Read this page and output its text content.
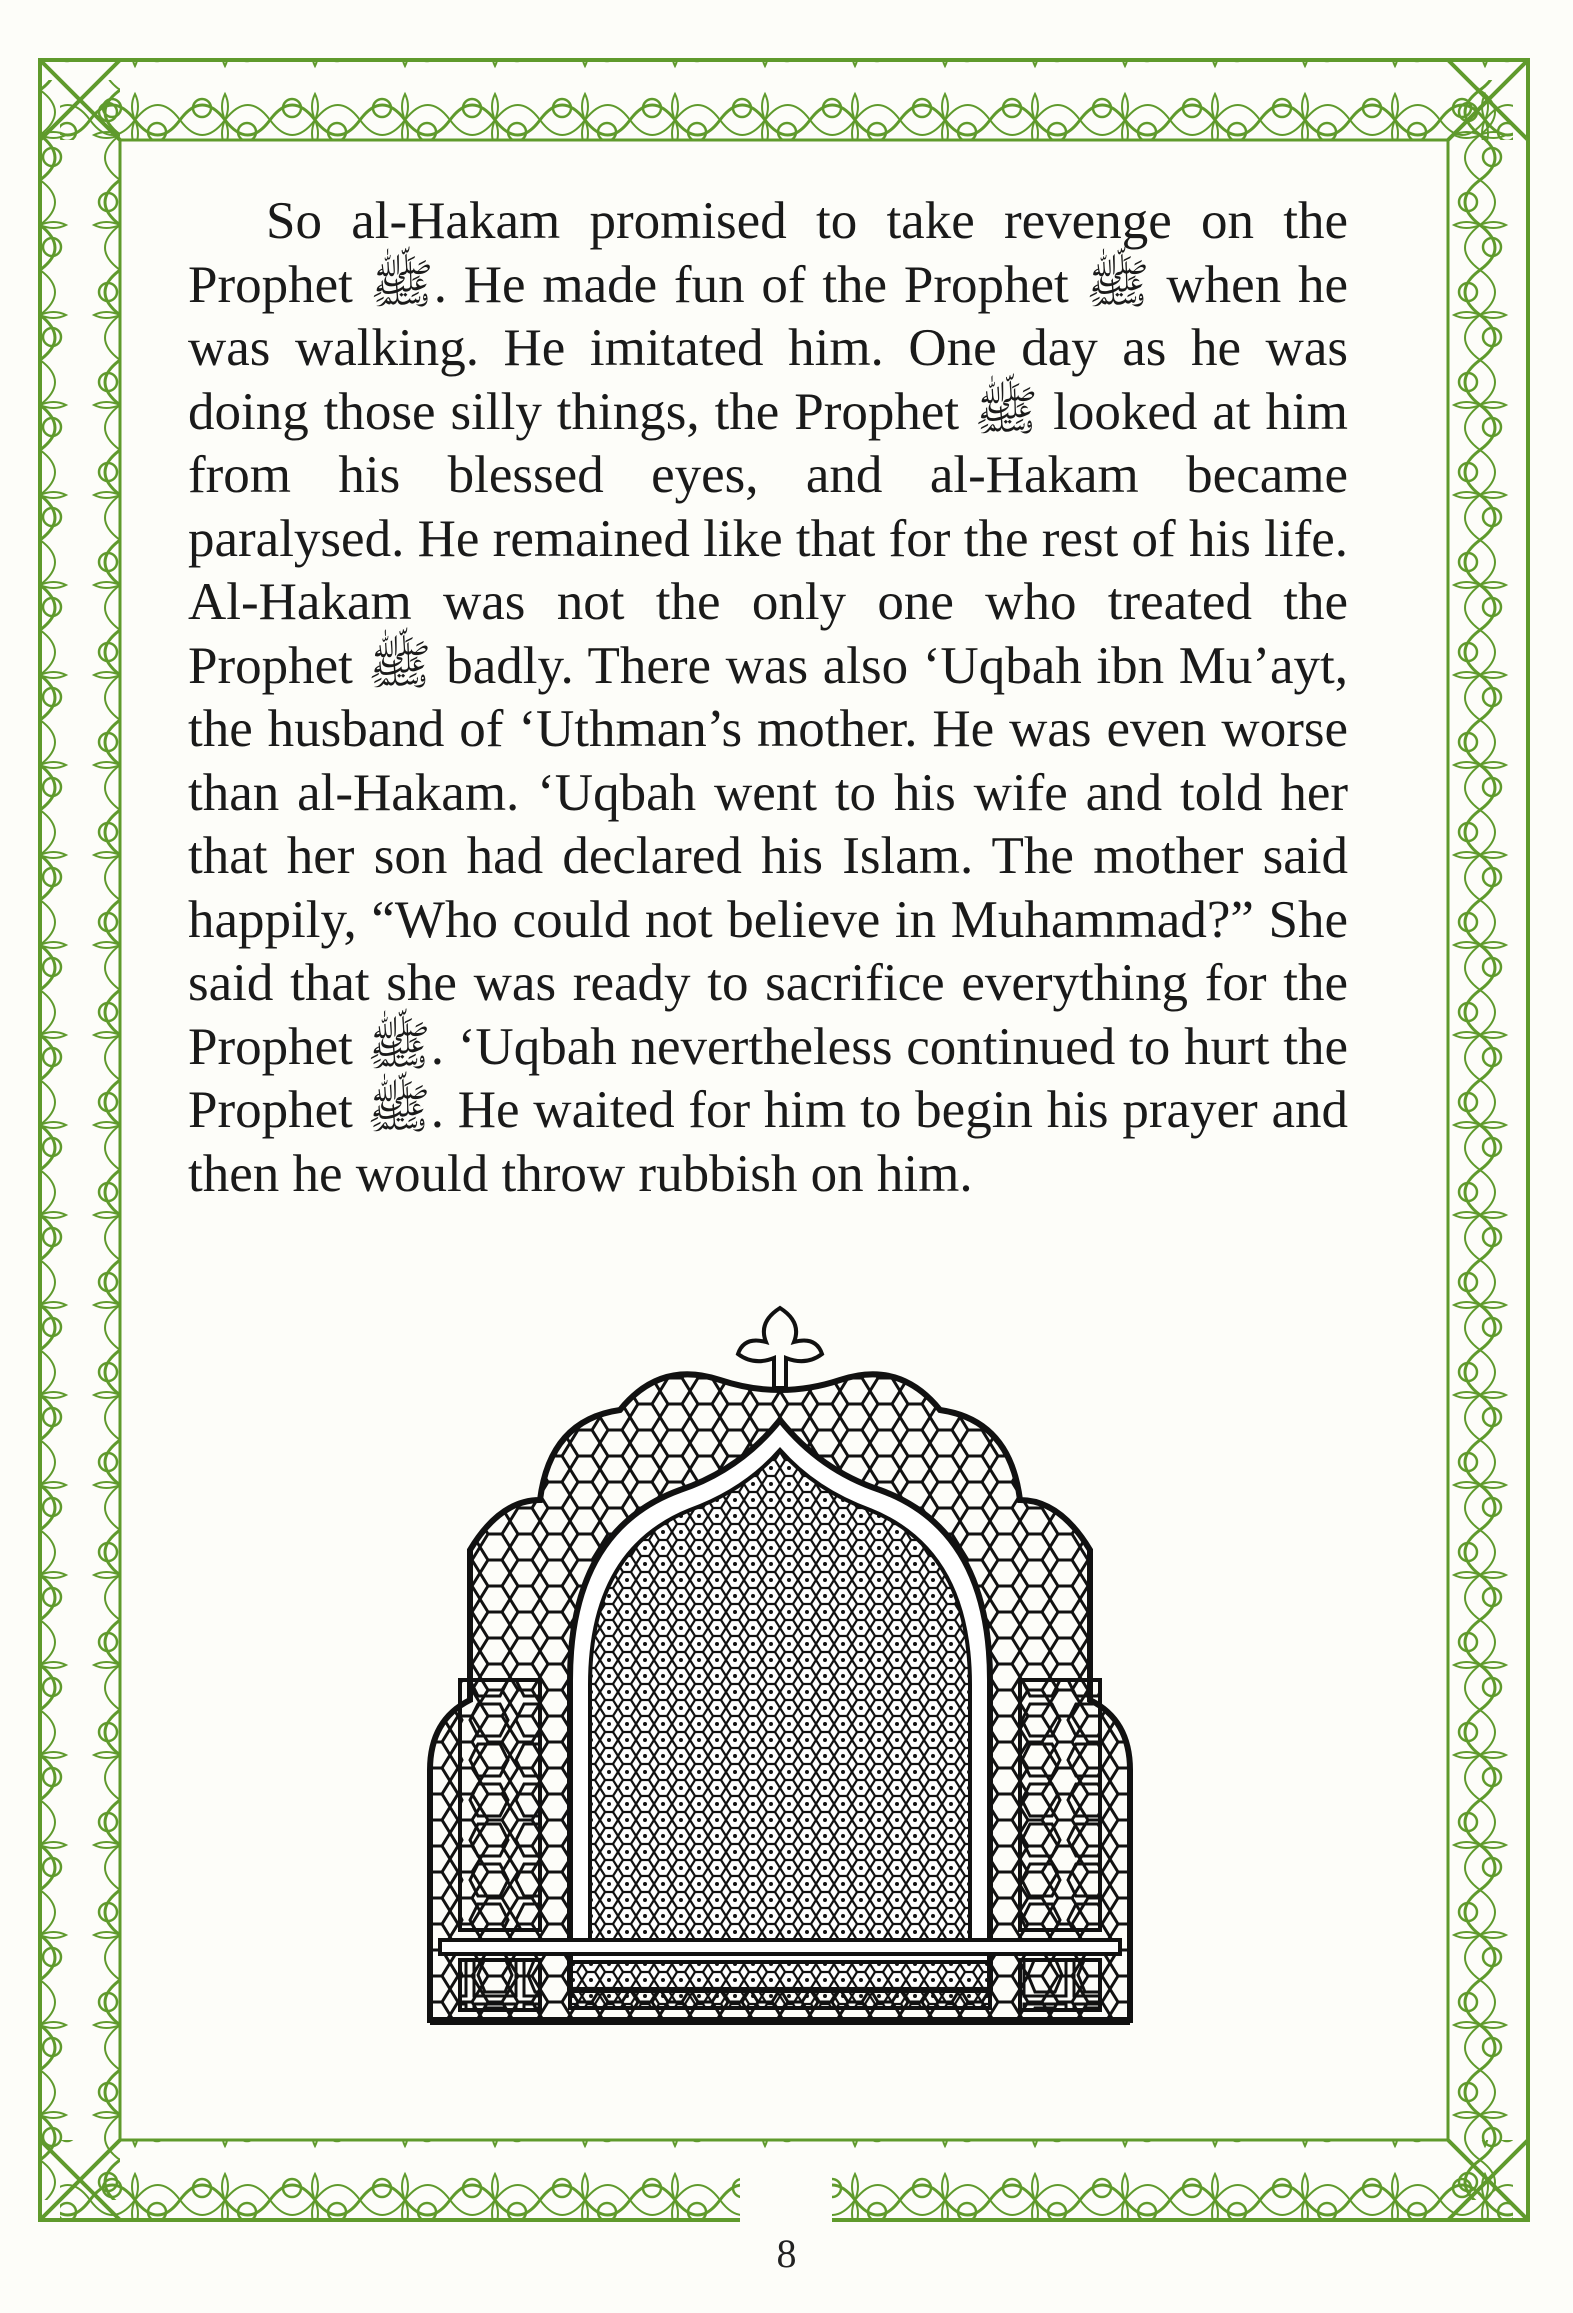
So al-Hakam promised to take revenge on the Prophet ﷺ. He made fun of the Prophet ﷺ when he was walking. He imitated him. One day as he was doing those silly things, the Prophet ﷺ looked at him from his blessed eyes, and al-Hakam became paralysed. He remained like that for the rest of his life. Al-Hakam was not the only one who treated the Prophet ﷺ badly. There was also ‘Uqbah ibn Mu’ayt, the husband of ‘Uthman’s mother. He was even worse than al-Hakam. ‘Uqbah went to his wife and told her that her son had declared his Islam. The mother said happily, “Who could not believe in Muhammad?” She said that she was ready to sacrifice everything for the Prophet ﷺ. ‘Uqbah nevertheless continued to hurt the Prophet ﷺ. He waited for him to begin his prayer and then he would throw rubbish on him.

8
